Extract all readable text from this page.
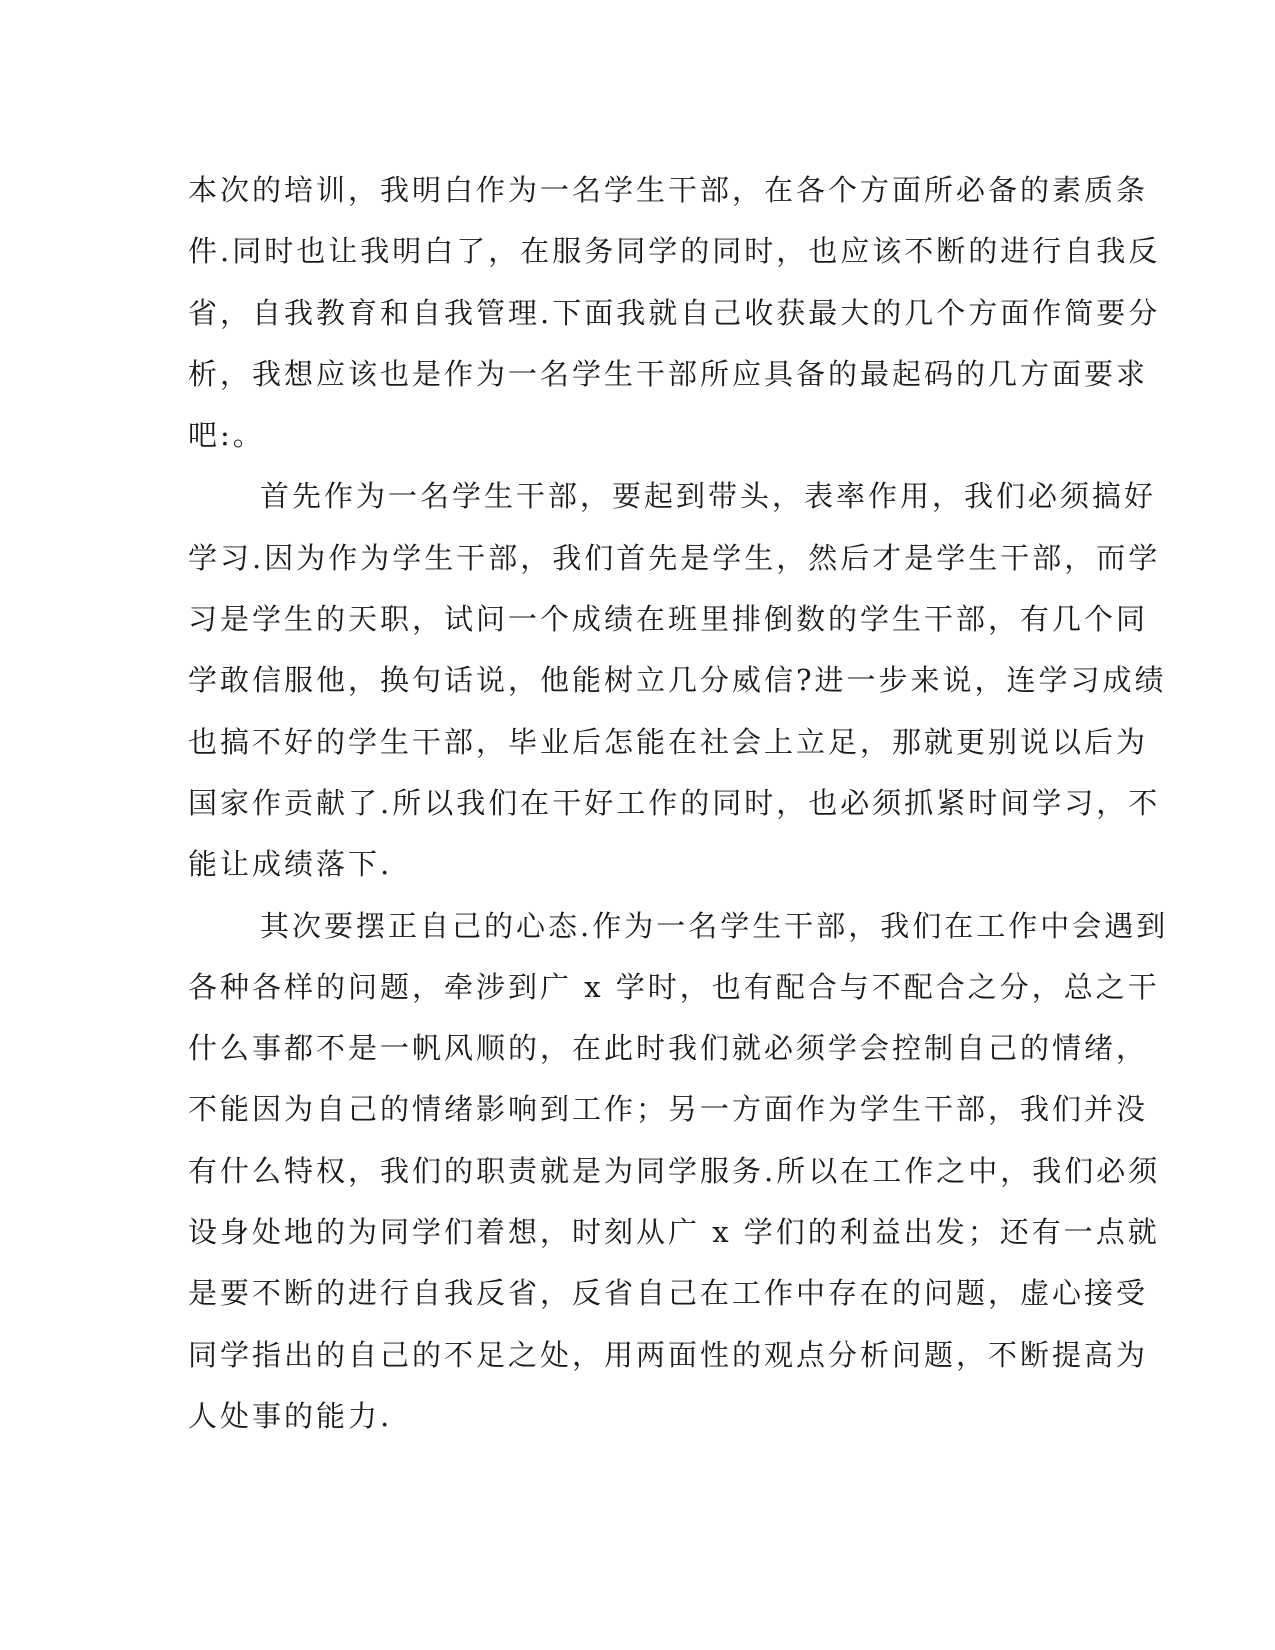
本次的培训，我明白作为一名学生干部，在各个方面所必备的素质条
件.同时也让我明白了，在服务同学的同时，也应该不断的进行自我反
省，自我教育和自我管理.下面我就自己收获最大的几个方面作简要分
析，我想应该也是作为一名学生干部所应具备的最起码的几方面要求
吧:。
首先作为一名学生干部，要起到带头，表率作用，我们必须搞好
学习.因为作为学生干部，我们首先是学生，然后才是学生干部，而学
习是学生的天职，试问一个成绩在班里排倒数的学生干部，有几个同
学敢信服他，换句话说，他能树立几分威信?进一步来说，连学习成绩
也搞不好的学生干部，毕业后怎能在社会上立足，那就更别说以后为
国家作贡献了.所以我们在干好工作的同时，也必须抓紧时间学习，不
能让成绩落下.
其次要摆正自己的心态.作为一名学生干部，我们在工作中会遇到
各种各样的问题，牵涉到广 x 学时，也有配合与不配合之分，总之干
什么事都不是一帆风顺的，在此时我们就必须学会控制自己的情绪，
不能因为自己的情绪影响到工作；另一方面作为学生干部，我们并没
有什么特权，我们的职责就是为同学服务.所以在工作之中，我们必须
设身处地的为同学们着想，时刻从广 x 学们的利益出发；还有一点就
是要不断的进行自我反省，反省自己在工作中存在的问题，虚心接受
同学指出的自己的不足之处，用两面性的观点分析问题，不断提高为
人处事的能力.
